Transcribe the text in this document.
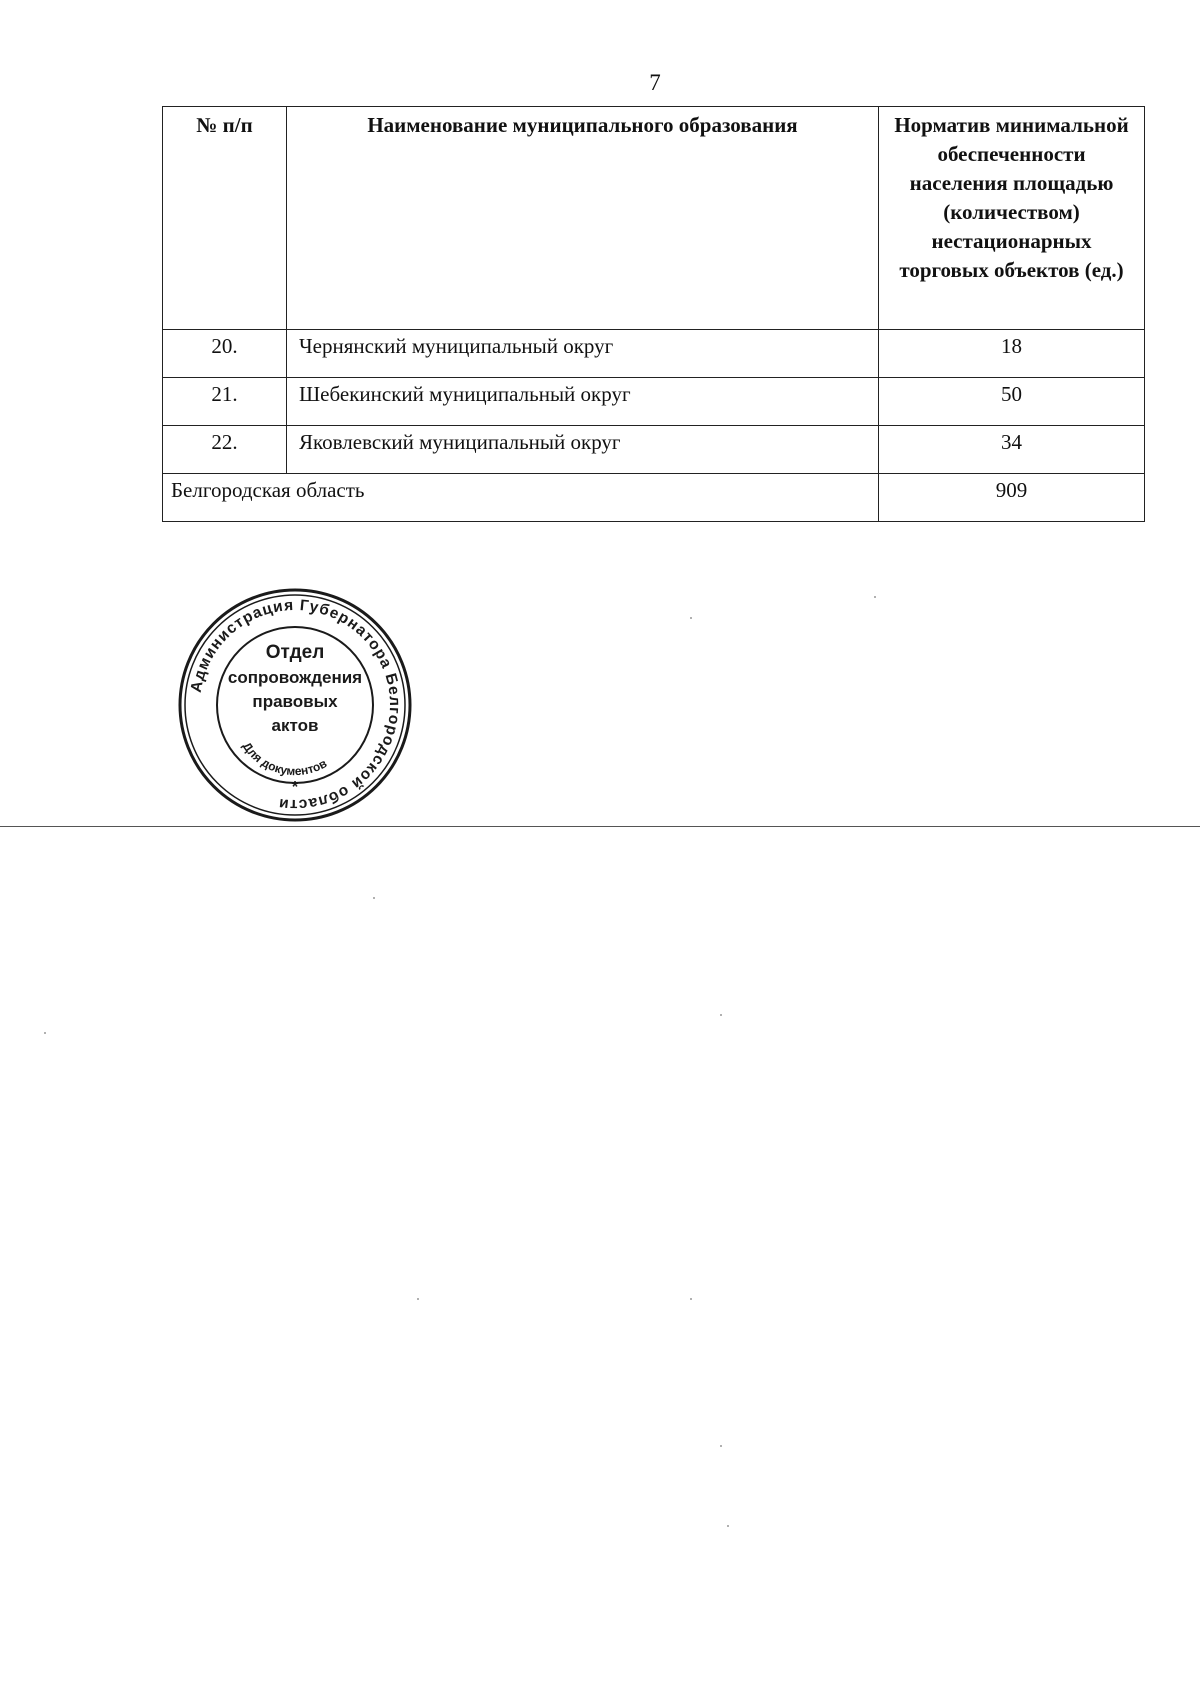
7
№ п/п	Наименование муниципального образования	Норматив минимальной обеспеченности населения площадью (количеством) нестационарных торговых объектов (ед.)
20.	Чернянский муниципальный округ	18
21.	Шебекинский муниципальный округ	50
22.	Яковлевский муниципальный округ	34
Белгородская область		909
Администрация Губернатора Белгородской области
Отдел
сопровождения
правовых
актов
Для документов
*
